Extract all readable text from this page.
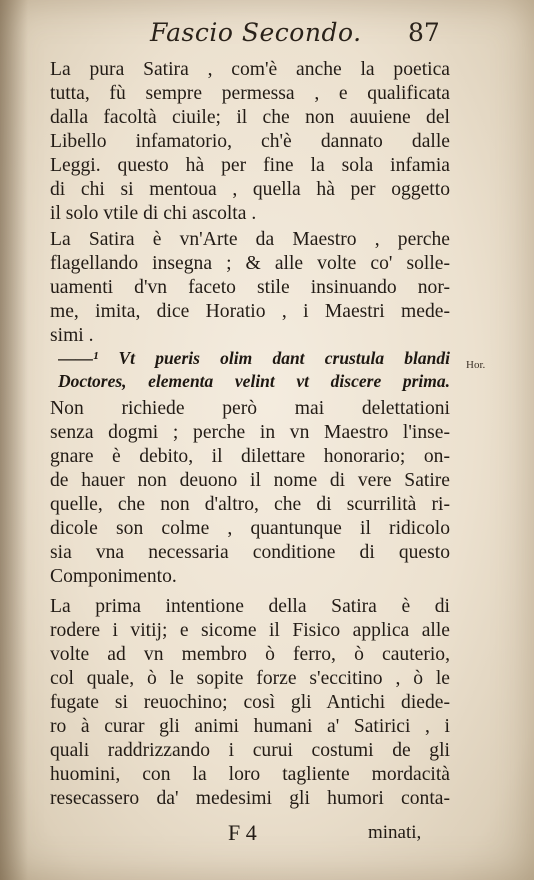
Fascio Secondo. 87
La pura Satira , com'è anche la poetica
tutta, fù sempre permessa , e qualificata
dalla facoltà ciuile; il che non auuiene del
Libello infamatorio, ch'è dannato dalle
Leggi. questo hà per fine la sola infamia
di chi si mentoua , quella hà per oggetto
il solo vtile di chi ascolta .
La Satira è vn'Arte da Maestro , perche
flagellando insegna ; & alle volte co' solle-
uamenti d'vn faceto stile insinuando nor-
me, imita, dice Horatio , i Maestri mede-
simi .
——¹ Vt pueris olim dant crustula blandi
Doctores, elementa velint vt discere prima.
Hor.
Non richiede però mai delettationi
senza dogmi ; perche in vn Maestro l'inse-
gnare è debito, il dilettare honorario; on-
de hauer non deuono il nome di vere Satire
quelle, che non d'altro, che di scurrilità ri-
dicole son colme , quantunque il ridicolo
sia vna necessaria conditione di questo
Componimento.
La prima intentione della Satira è di
rodere i vitij; e sicome il Fisico applica alle
volte ad vn membro ò ferro, ò cauterio,
col quale, ò le sopite forze s'eccitino , ò le
fugate si reuochino; così gli Antichi diede-
ro à curar gli animi humani a' Satirici , i
quali raddrizzando i curui costumi de gli
huomini, con la loro tagliente mordacità
resecassero da' medesimi gli humori conta-
F 4	minati,
